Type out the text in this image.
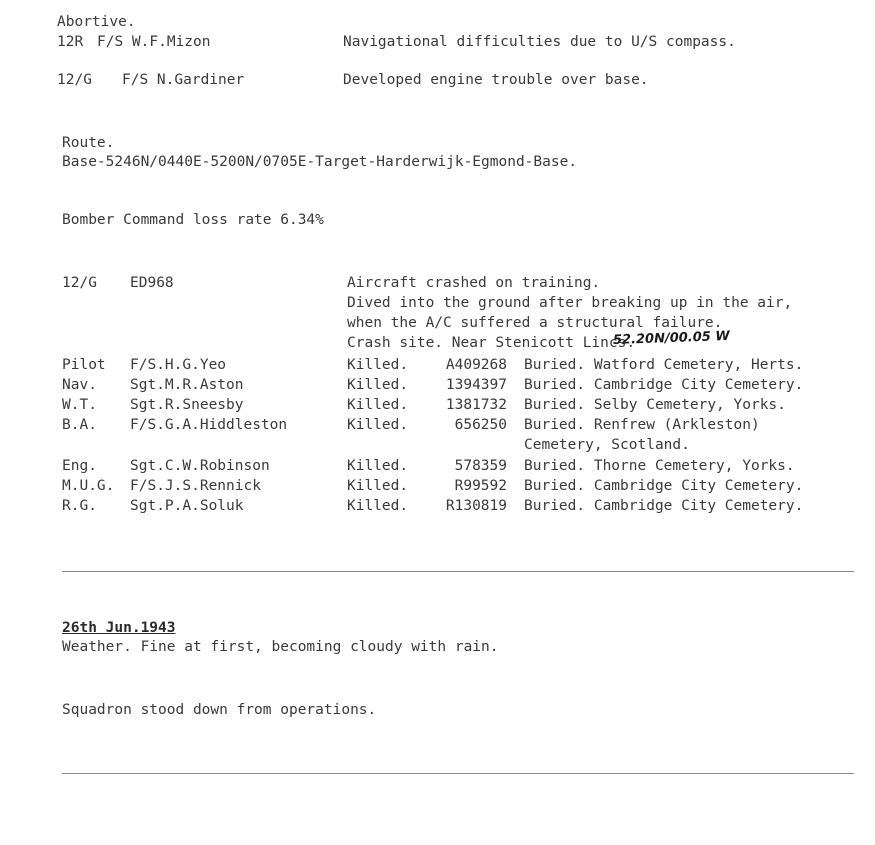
Abortive.
12R F/S W.F.Mizon	Navigational difficulties due to U/S compass.
12/G F/S N.Gardiner	Developed engine trouble over base.
Route.
Base-5246N/0440E-5200N/0705E-Target-Harderwijk-Egmond-Base.
Bomber Command loss rate 6.34%
12/G ED968	Aircraft crashed on training.
Dived into the ground after breaking up in the air,
when the A/C suffered a structural failure.
Crash site. Near Stenicott Lincs.
52.20N/00.05 W
Pilot F/S.H.G.Yeo	Killed.	A409268 Buried. Watford Cemetery, Herts.
Nav. Sgt.M.R.Aston	Killed.	1394397 Buried. Cambridge City Cemetery.
W.T. Sgt.R.Sneesby	Killed.	1381732 Buried. Selby Cemetery, Yorks.
B.A. F/S.G.A.Hiddleston	Killed.	656250 Buried. Renfrew (Arkleston)
Cemetery, Scotland.
Eng. Sgt.C.W.Robinson	Killed.	578359 Buried. Thorne Cemetery, Yorks.
M.U.G. F/S.J.S.Rennick	Killed.	R99592 Buried. Cambridge City Cemetery.
R.G. Sgt.P.A.Soluk	Killed.	R130819 Buried. Cambridge City Cemetery.
26th Jun.1943
Weather. Fine at first, becoming cloudy with rain.
Squadron stood down from operations.
